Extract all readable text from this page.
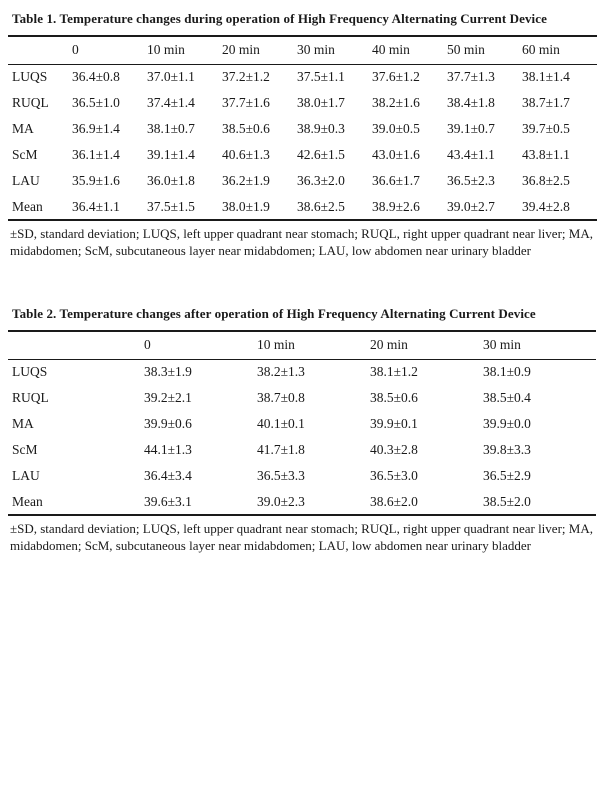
Table 1. Temperature changes during operation of High Frequency Alternating Current Device

	0	10 min	20 min	30 min	40 min	50 min	60 min
LUQS	36.4±0.8	37.0±1.1	37.2±1.2	37.5±1.1	37.6±1.2	37.7±1.3	38.1±1.4
RUQL	36.5±1.0	37.4±1.4	37.7±1.6	38.0±1.7	38.2±1.6	38.4±1.8	38.7±1.7
MA	36.9±1.4	38.1±0.7	38.5±0.6	38.9±0.3	39.0±0.5	39.1±0.7	39.7±0.5
ScM	36.1±1.4	39.1±1.4	40.6±1.3	42.6±1.5	43.0±1.6	43.4±1.1	43.8±1.1
LAU	35.9±1.6	36.0±1.8	36.2±1.9	36.3±2.0	36.6±1.7	36.5±2.3	36.8±2.5
Mean	36.4±1.1	37.5±1.5	38.0±1.9	38.6±2.5	38.9±2.6	39.0±2.7	39.4±2.8

±SD, standard deviation; LUQS, left upper quadrant near stomach; RUQL, right upper quadrant near liver; MA, midabdomen; ScM, subcutaneous layer near midabdomen; LAU, low abdomen near urinary bladder

Table 2. Temperature changes after operation of High Frequency Alternating Current Device

	0	10 min	20 min	30 min
LUQS	38.3±1.9	38.2±1.3	38.1±1.2	38.1±0.9
RUQL	39.2±2.1	38.7±0.8	38.5±0.6	38.5±0.4
MA	39.9±0.6	40.1±0.1	39.9±0.1	39.9±0.0
ScM	44.1±1.3	41.7±1.8	40.3±2.8	39.8±3.3
LAU	36.4±3.4	36.5±3.3	36.5±3.0	36.5±2.9
Mean	39.6±3.1	39.0±2.3	38.6±2.0	38.5±2.0

±SD, standard deviation; LUQS, left upper quadrant near stomach; RUQL, right upper quadrant near liver; MA, midabdomen; ScM, subcutaneous layer near midabdomen; LAU, low abdomen near urinary bladder
